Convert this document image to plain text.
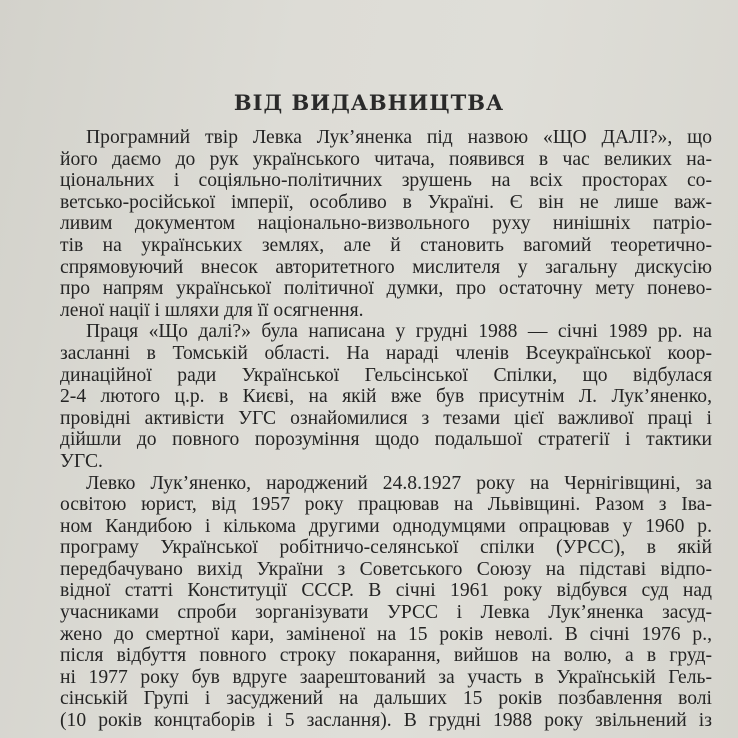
ВІД ВИДАВНИЦТВА
Програмний твір Левка Лук’яненка під назвою «ЩО ДАЛІ?», що
його даємо до рук українського читача, появився в час великих на-
ціональних і соціяльно-політичних зрушень на всіх просторах со-
ветсько-російської імперії, особливо в Україні. Є він не лише важ-
ливим документом національно-визвольного руху нинішніх патріо-
тів на українських землях, але й становить вагомий теоретично-
спрямовуючий внесок авторитетного мислителя у загальну дискусію
про напрям української політичної думки, про остаточну мету понево-
леної нації і шляхи для її осягнення.
Праця «Що далі?» була написана у грудні 1988 — січні 1989 рр. на
засланні в Томській області. На нараді членів Всеукраїнської коор-
динаційної ради Української Гельсінської Спілки, що відбулася
2-4 лютого ц.р. в Києві, на якій вже був присутнім Л. Лук’яненко,
провідні активісти УГС ознайомилися з тезами цієї важливої праці і
дійшли до повного порозуміння щодо подальшої стратегії і тактики
УГС.
Левко Лук’яненко, народжений 24.8.1927 року на Чернігівщині, за
освітою юрист, від 1957 року працював на Львівщині. Разом з Іва-
ном Кандибою і кількома другими однодумцями опрацював у 1960 р.
програму Української робітничо-селянської спілки (УРСС), в якій
передбачувано вихід України з Советського Союзу на підставі відпо-
відної статті Конституції СССР. В січні 1961 року відбувся суд над
учасниками спроби зорганізувати УРСС і Левка Лук’яненка засуд-
жено до смертної кари, заміненої на 15 років неволі. В січні 1976 р.,
після відбуття повного строку покарання, вийшов на волю, а в груд-
ні 1977 року був вдруге заарештований за участь в Українській Гель-
сінській Групі і засуджений на дальших 15 років позбавлення волі
(10 років концтаборів і 5 заслання). В грудні 1988 року звільнений із
